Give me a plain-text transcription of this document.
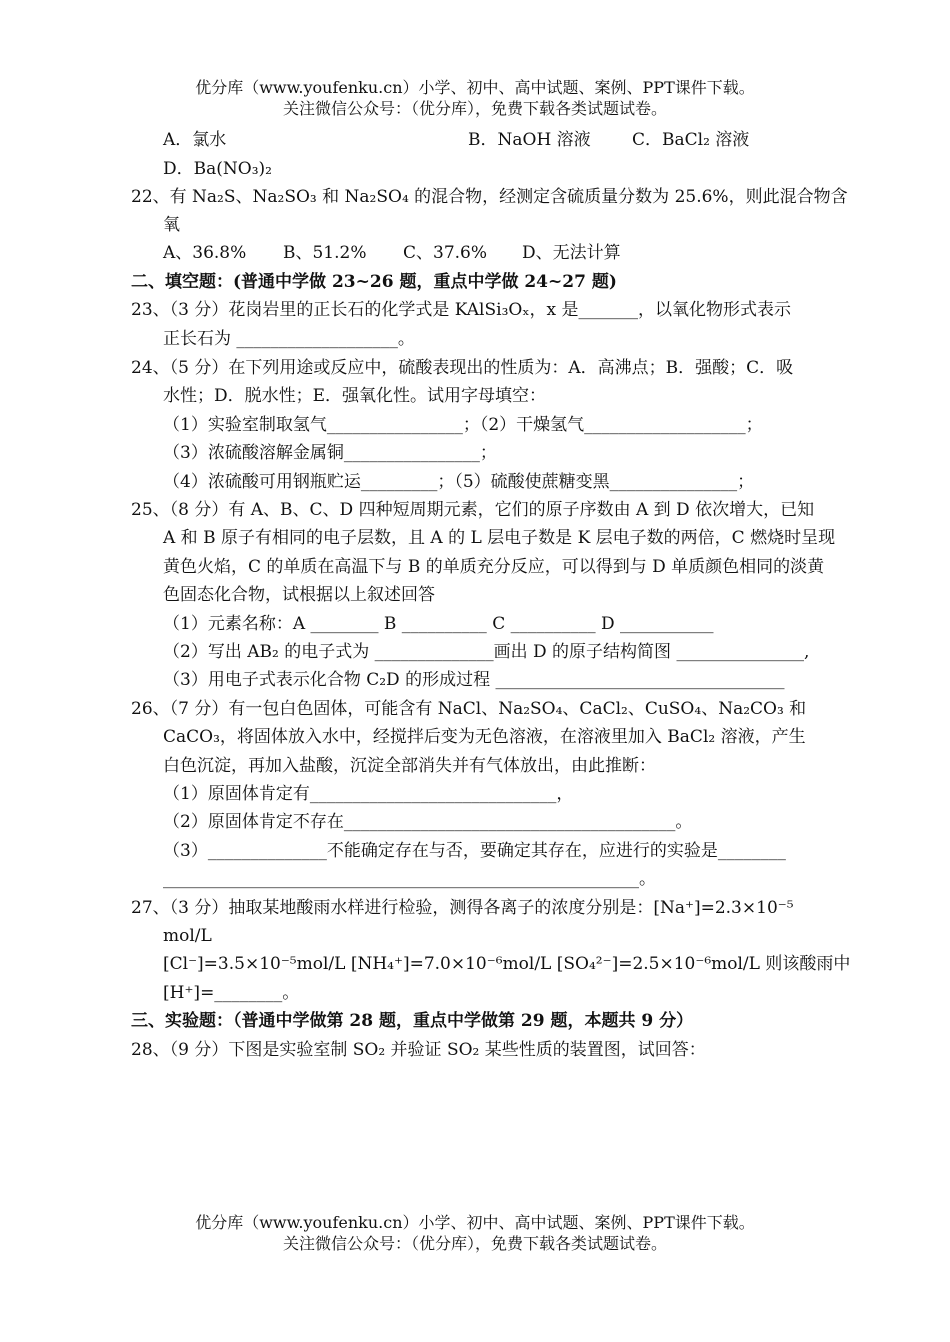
优分库（www.youfenku.cn）小学、初中、高中试题、案例、PPT课件下载。
关注微信公众号：（优分库），免费下载各类试题试卷。
A．氯水	B．NaOH 溶液 C．BaCl₂ 溶液
D．Ba(NO₃)₂
22、有 Na₂S、Na₂SO₃ 和 Na₂SO₄ 的混合物，经测定含硫质量分数为 25.6%，则此混合物含
氧
A、36.8% B、51.2% C、37.6% D、无法计算
二、填空题：(普通中学做 23~26 题，重点中学做 24~27 题)
23、（3 分）花岗岩里的正长石的化学式是 KAlSi₃Oₓ，x 是_______，以氧化物形式表示
正长石为 ___________________。
24、（5 分）在下列用途或反应中，硫酸表现出的性质为：A．高沸点；B．强酸；C．吸
水性；D．脱水性；E．强氧化性。试用字母填空：
（1）实验室制取氢气________________；（2）干燥氢气___________________；
（3）浓硫酸溶解金属铜________________；
（4）浓硫酸可用钢瓶贮运_________；（5）硫酸使蔗糖变黑_______________；
25、（8 分）有 A、B、C、D 四种短周期元素，它们的原子序数由 A 到 D 依次增大，已知
A 和 B 原子有相同的电子层数，且 A 的 L 层电子数是 K 层电子数的两倍，C 燃烧时呈现
黄色火焰，C 的单质在高温下与 B 的单质充分反应，可以得到与 D 单质颜色相同的淡黄
色固态化合物，试根据以上叙述回答
（1）元素名称：A ________ B __________ C __________ D ___________
（2）写出 AB₂ 的电子式为 ______________画出 D 的原子结构简图 _______________,
（3）用电子式表示化合物 C₂D 的形成过程 __________________________________
26、（7 分）有一包白色固体，可能含有 NaCl、Na₂SO₄、CaCl₂、CuSO₄、Na₂CO₃ 和
CaCO₃，将固体放入水中，经搅拌后变为无色溶液，在溶液里加入 BaCl₂ 溶液，产生
白色沉淀，再加入盐酸，沉淀全部消失并有气体放出，由此推断：
（1）原固体肯定有_____________________________，
（2）原固体肯定不存在_______________________________________。
（3）______________不能确定存在与否，要确定其存在，应进行的实验是________
________________________________________________________。
27、（3 分）抽取某地酸雨水样进行检验，测得各离子的浓度分别是：[Na⁺]=2.3×10⁻⁵
mol/L
[Cl⁻]=3.5×10⁻⁵mol/L [NH₄⁺]=7.0×10⁻⁶mol/L [SO₄²⁻]=2.5×10⁻⁶mol/L 则该酸雨中
[H⁺]=________。
三、实验题：（普通中学做第 28 题，重点中学做第 29 题，本题共 9 分）
28、（9 分）下图是实验室制 SO₂ 并验证 SO₂ 某些性质的装置图，试回答：
优分库（www.youfenku.cn）小学、初中、高中试题、案例、PPT课件下载。
关注微信公众号：（优分库），免费下载各类试题试卷。
